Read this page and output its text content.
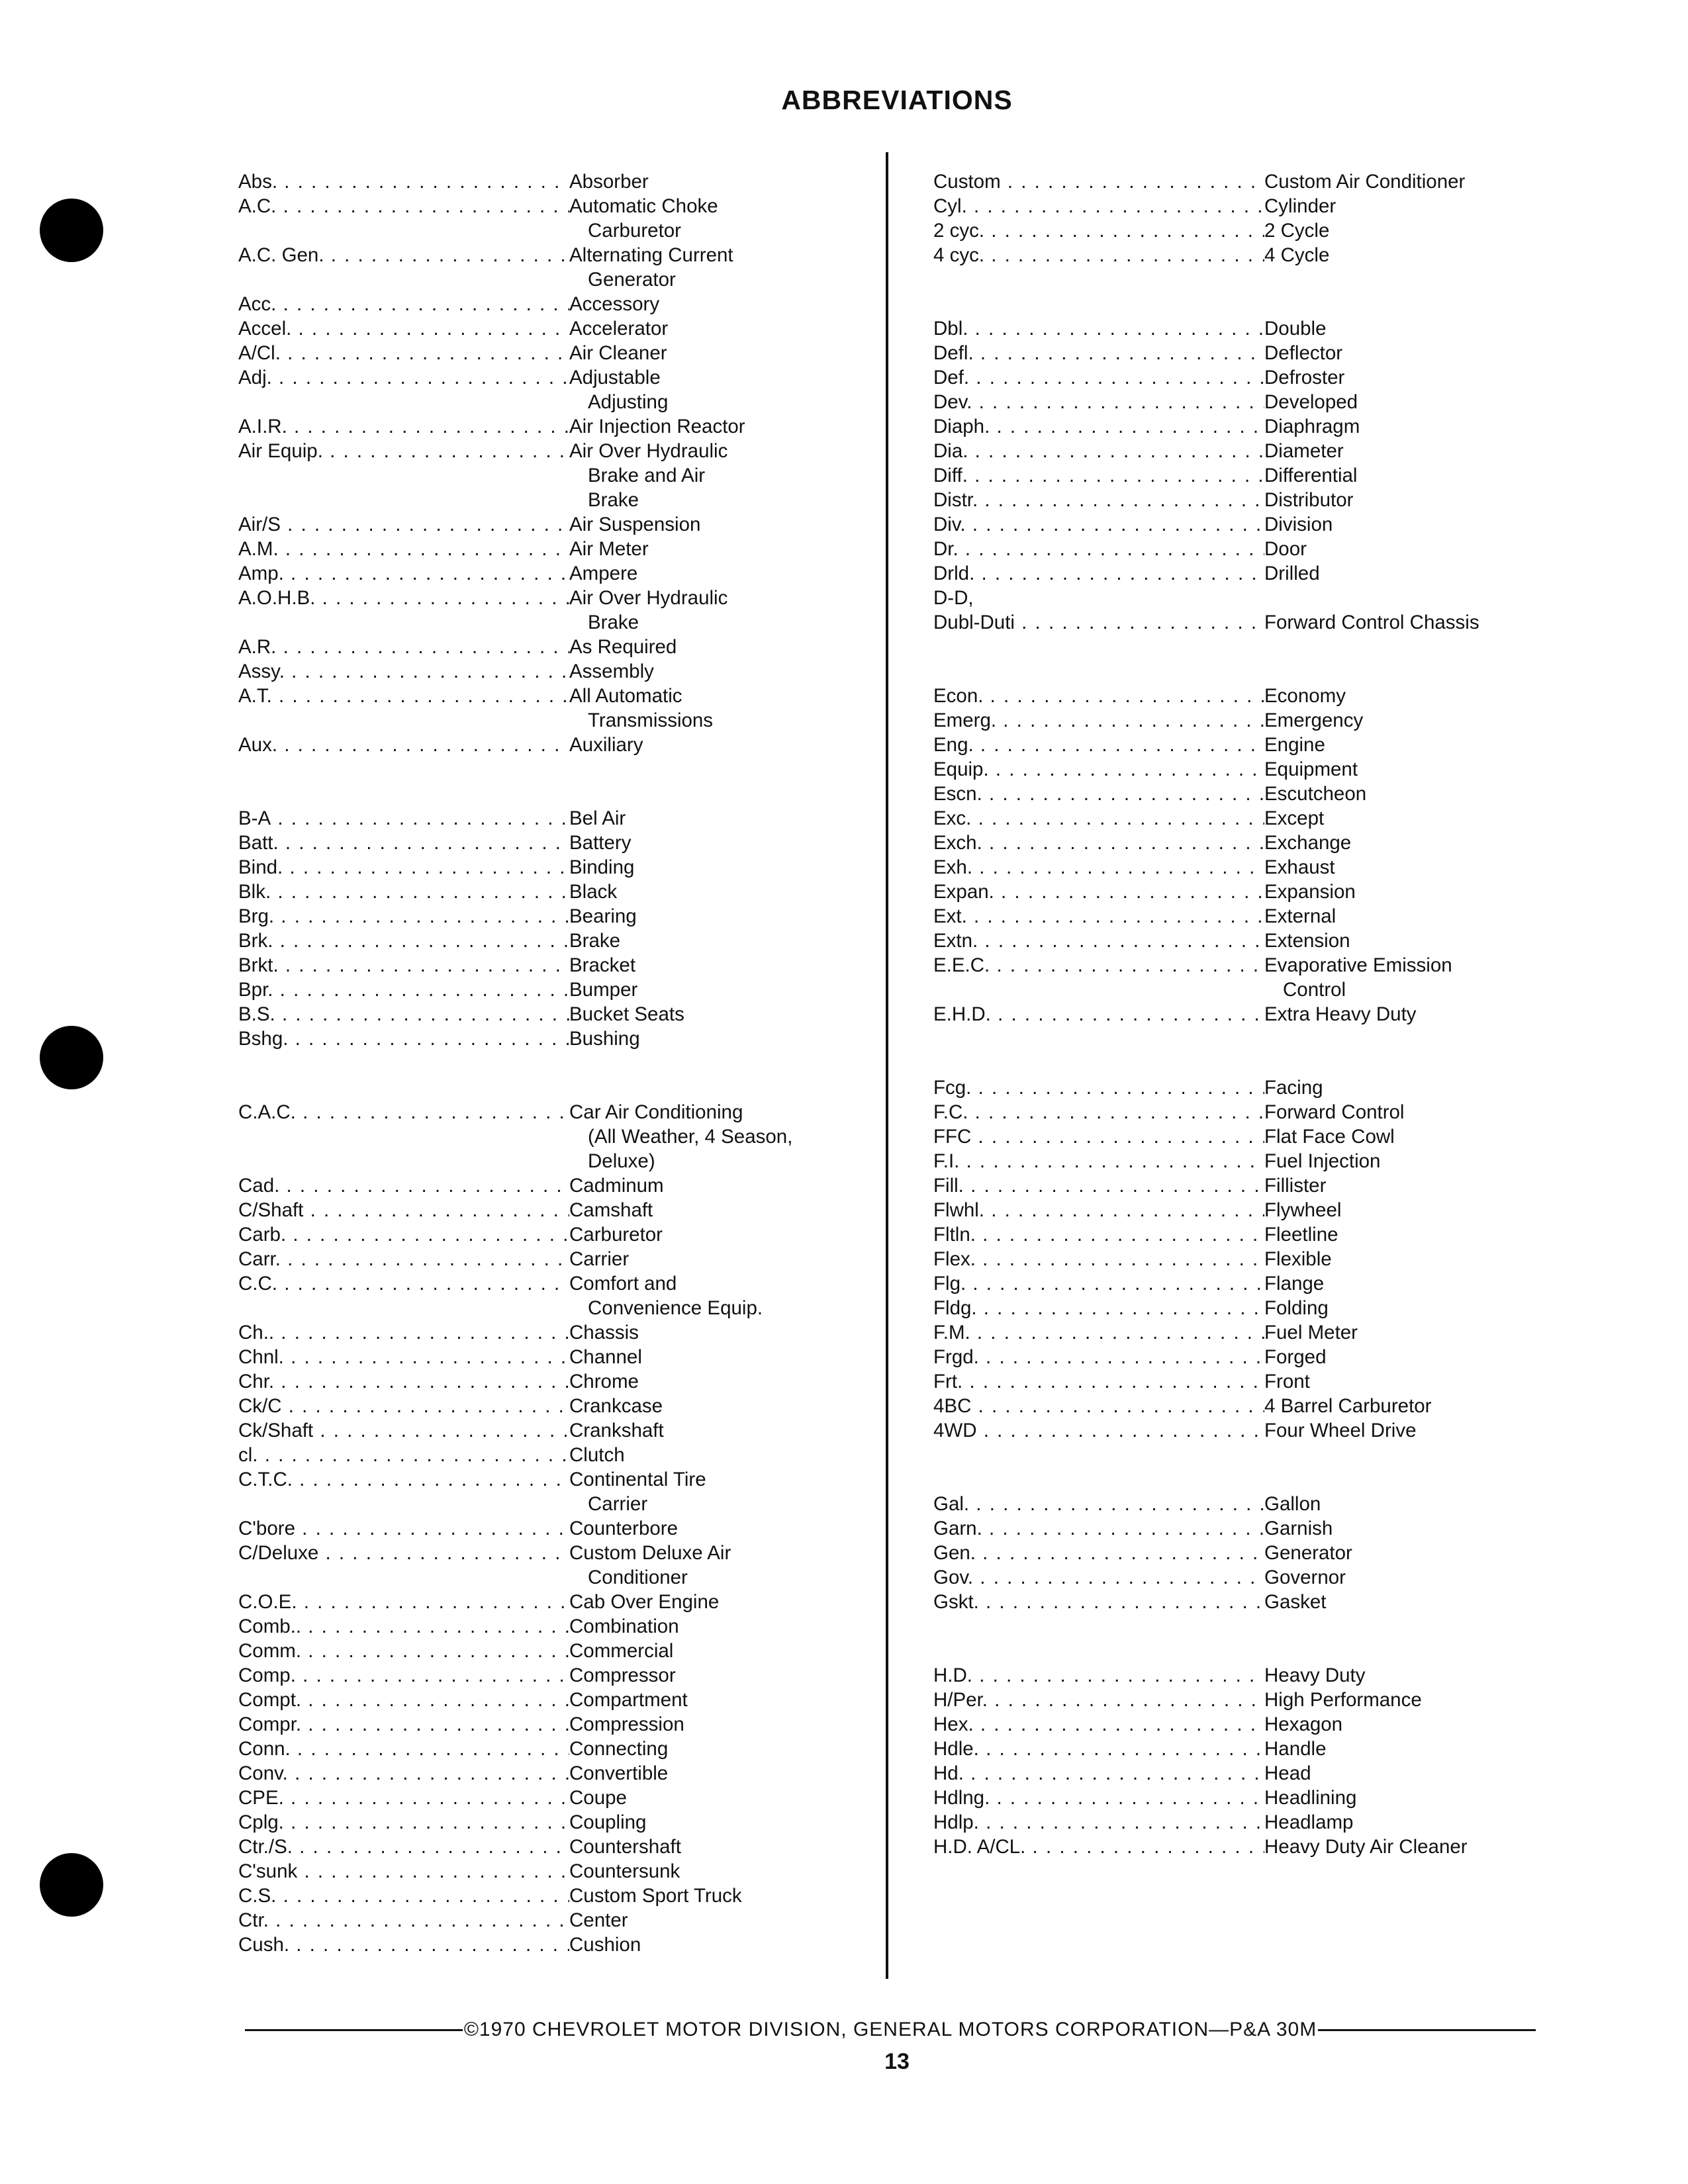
ABBREVIATIONS
Abs. . . .	Absorber
A.C. . . .	Automatic Choke
Carburetor
A.C. Gen. . . .	Alternating Current
Generator
Acc. . . .	Accessory
Accel. . . .	Accelerator
A/Cl. . . .	Air Cleaner
Adj. . . .	Adjustable
Adjusting
A.I.R. . . .	Air Injection Reactor
Air Equip. . . .	Air Over Hydraulic
Brake and Air
Brake
Air/S . . .	Air Suspension
A.M. . . .	Air Meter
Amp. . . .	Ampere
A.O.H.B. . . .	Air Over Hydraulic
Brake
A.R. . . .	As Required
Assy. . . .	Assembly
A.T. . . .	All Automatic
Transmissions
Aux. . . .	Auxiliary
B-A . . .	Bel Air
Batt. . . .	Battery
Bind. . . .	Binding
Blk. . . .	Black
Brg. . . .	Bearing
Brk. . . .	Brake
Brkt. . . .	Bracket
Bpr. . . .	Bumper
B.S. . . .	Bucket Seats
Bshg. . . .	Bushing
C.A.C. . . .	Car Air Conditioning
(All Weather, 4 Season,
Deluxe)
Cad. . . .	Cadminum
C/Shaft . . .	Camshaft
Carb. . . .	Carburetor
Carr. . . .	Carrier
C.C. . . .	Comfort and
Convenience Equip.
Ch.. . . .	Chassis
Chnl. . . .	Channel
Chr. . . .	Chrome
Ck/C . . .	Crankcase
Ck/Shaft . . .	Crankshaft
cl. . . .	Clutch
C.T.C. . . .	Continental Tire
Carrier
C'bore . . .	Counterbore
C/Deluxe . . .	Custom Deluxe Air
Conditioner
C.O.E. . . .	Cab Over Engine
Comb.. . . .	Combination
Comm. . . .	Commercial
Comp. . . .	Compressor
Compt. . . .	Compartment
Compr. . . .	Compression
Conn. . . .	Connecting
Conv. . . .	Convertible
CPE. . . .	Coupe
Cplg. . . .	Coupling
Ctr./S. . . .	Countershaft
C'sunk . . .	Countersunk
C.S. . . .	Custom Sport Truck
Ctr. . . .	Center
Cush. . . .	Cushion
Custom . . .	Custom Air Conditioner
Cyl. . . .	Cylinder
2 cyc. . . .	2 Cycle
4 cyc. . . .	4 Cycle
Dbl. . . .	Double
Defl. . . .	Deflector
Def. . . .	Defroster
Dev. . . .	Developed
Diaph. . . .	Diaphragm
Dia. . . .	Diameter
Diff. . . .	Differential
Distr. . . .	Distributor
Div. . . .	Division
Dr. . . .	Door
Drld. . . .	Drilled
D-D,
Dubl-Duti . . .	Forward Control Chassis
Econ. . . .	Economy
Emerg. . . .	Emergency
Eng. . . .	Engine
Equip. . . .	Equipment
Escn. . . .	Escutcheon
Exc. . . .	Except
Exch. . . .	Exchange
Exh. . . .	Exhaust
Expan. . . .	Expansion
Ext. . . .	External
Extn. . . .	Extension
E.E.C. . . .	Evaporative Emission
Control
E.H.D. . . .	Extra Heavy Duty
Fcg. . . .	Facing
F.C. . . .	Forward Control
FFC . . .	Flat Face Cowl
F.I. . . .	Fuel Injection
Fill. . . .	Fillister
Flwhl. . . .	Flywheel
Fltln. . . .	Fleetline
Flex. . . .	Flexible
Flg. . . .	Flange
Fldg. . . .	Folding
F.M. . . .	Fuel Meter
Frgd. . . .	Forged
Frt. . . .	Front
4BC . . .	4 Barrel Carburetor
4WD . . .	Four Wheel Drive
Gal. . . .	Gallon
Garn. . . .	Garnish
Gen. . . .	Generator
Gov. . . .	Governor
Gskt. . . .	Gasket
H.D. . . .	Heavy Duty
H/Per. . . .	High Performance
Hex. . . .	Hexagon
Hdle. . . .	Handle
Hd. . . .	Head
Hdlng. . . .	Headlining
Hdlp. . . .	Headlamp
H.D. A/CL. . . .	Heavy Duty Air Cleaner
©1970 CHEVROLET MOTOR DIVISION, GENERAL MOTORS CORPORATION—P&A 30M
13
